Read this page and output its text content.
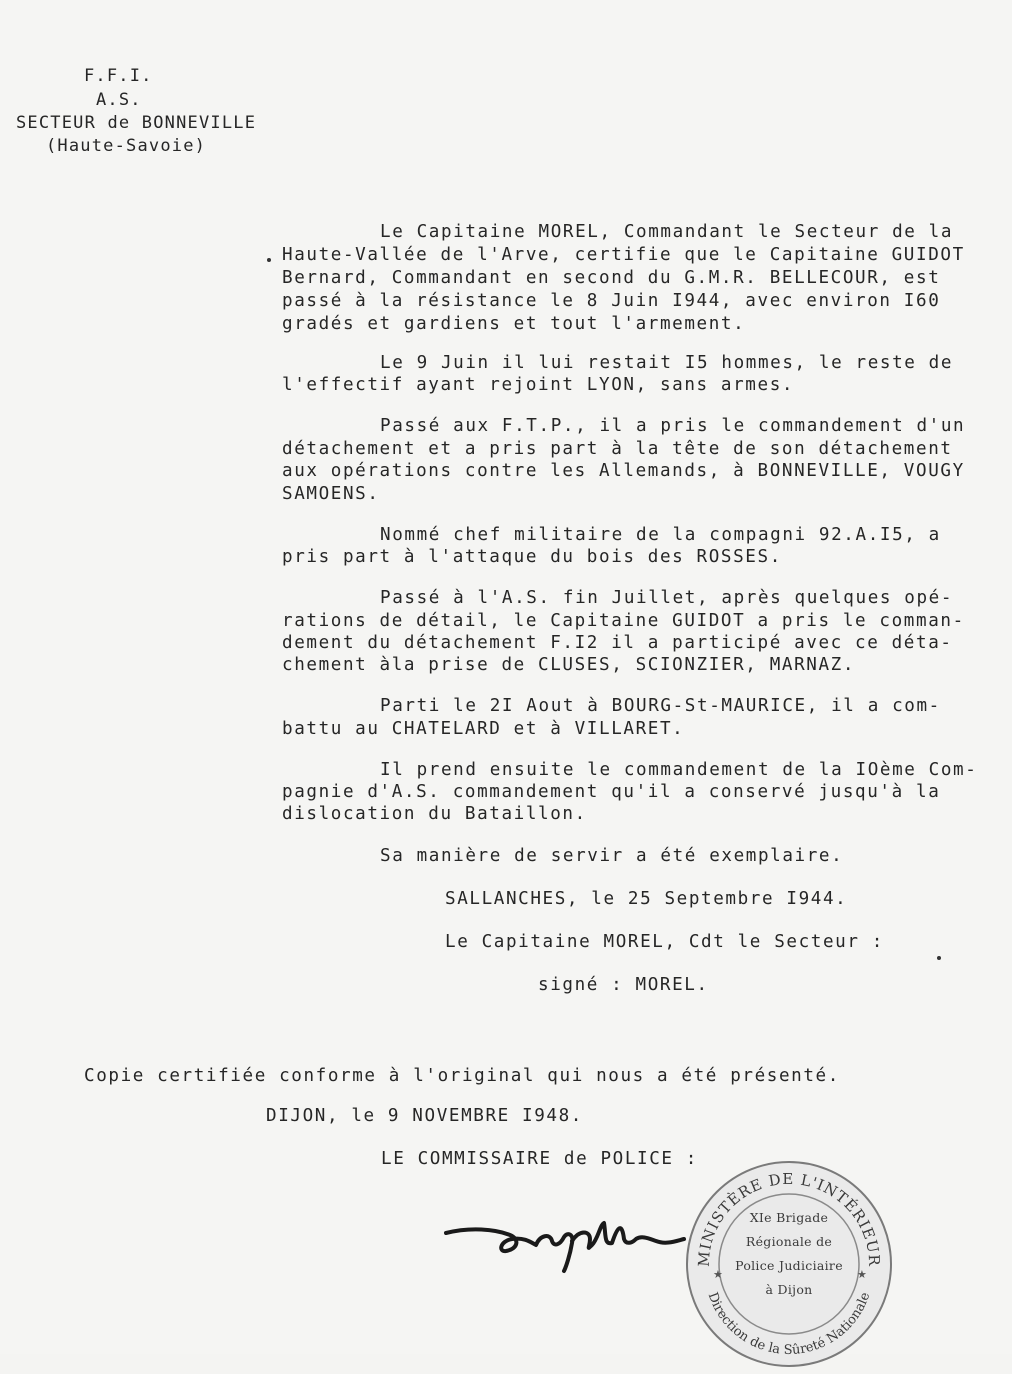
F.F.I.
A.S.
SECTEUR de BONNEVILLE
(Haute-Savoie)
Le Capitaine MOREL, Commandant le Secteur de la
Haute-Vallée de l'Arve, certifie que le Capitaine GUIDOT
Bernard, Commandant en second du G.M.R. BELLECOUR, est
passé à la résistance le 8 Juin I944, avec environ I60
gradés et gardiens et tout l'armement.
Le 9 Juin il lui restait I5 hommes, le reste de
l'effectif ayant rejoint LYON, sans armes.
Passé aux F.T.P., il a pris le commandement d'un
détachement et a pris part à la tête de son détachement
aux opérations contre les Allemands, à BONNEVILLE, VOUGY
SAMOENS.
Nommé chef militaire de la compagni 92.A.I5, a
pris part à l'attaque du bois des ROSSES.
Passé à l'A.S. fin Juillet, après quelques opé-
rations de détail, le Capitaine GUIDOT a pris le comman-
dement du détachement F.I2 il a participé avec ce déta-
chement àla prise de CLUSES, SCIONZIER, MARNAZ.
Parti le 2I Aout à BOURG-St-MAURICE, il a com-
battu au CHATELARD et à VILLARET.
Il prend ensuite le commandement de la IOème Com-
pagnie d'A.S. commandement qu'il a conservé jusqu'à la
dislocation du Bataillon.
Sa manière de servir a été exemplaire.
SALLANCHES, le 25 Septembre I944.
Le Capitaine MOREL, Cdt le Secteur :
signé : MOREL.
Copie certifiée conforme à l'original qui nous a été présenté.
DIJON, le 9 NOVEMBRE I948.
LE COMMISSAIRE de POLICE :
MINISTÈRE DE L'INTÉRIEUR
Direction de la Sûreté Nationale
★	★
XIe Brigade
Régionale de
Police Judiciaire
à Dijon
